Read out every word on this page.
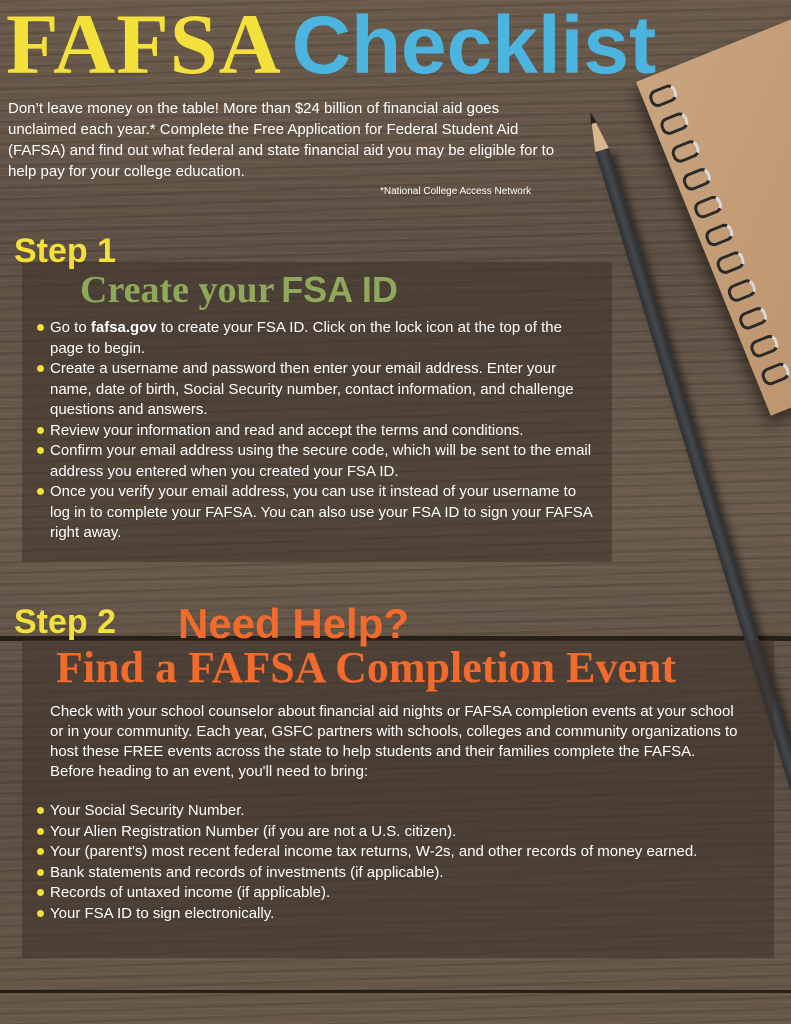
FAFSA Checklist

Don’t leave money on the table! More than $24 billion of financial aid goes unclaimed each year.* Complete the Free Application for Federal Student Aid (FAFSA) and find out what federal and state financial aid you may be eligible for to help pay for your college education.

*National College Access Network

Step 1
Create your FSA ID
Go to fafsa.gov to create your FSA ID. Click on the lock icon at the top of the page to begin.
Create a username and password then enter your email address. Enter your name, date of birth, Social Security number, contact information, and challenge questions and answers.
Review your information and read and accept the terms and conditions.
Confirm your email address using the secure code, which will be sent to the email address you entered when you created your FSA ID.
Once you verify your email address, you can use it instead of your username to log in to complete your FAFSA. You can also use your FSA ID to sign your FAFSA right away.
Step 2 Need Help?
Find a FAFSA Completion Event

Check with your school counselor about financial aid nights or FAFSA completion events at your school or in your community. Each year, GSFC partners with schools, colleges and community organizations to host these FREE events across the state to help students and their families complete the FAFSA. Before heading to an event, you'll need to bring:

Your Social Security Number.
Your Alien Registration Number (if you are not a U.S. citizen).
Your (parent's) most recent federal income tax returns, W-2s, and other records of money earned.
Bank statements and records of investments (if applicable).
Records of untaxed income (if applicable).
Your FSA ID to sign electronically.
